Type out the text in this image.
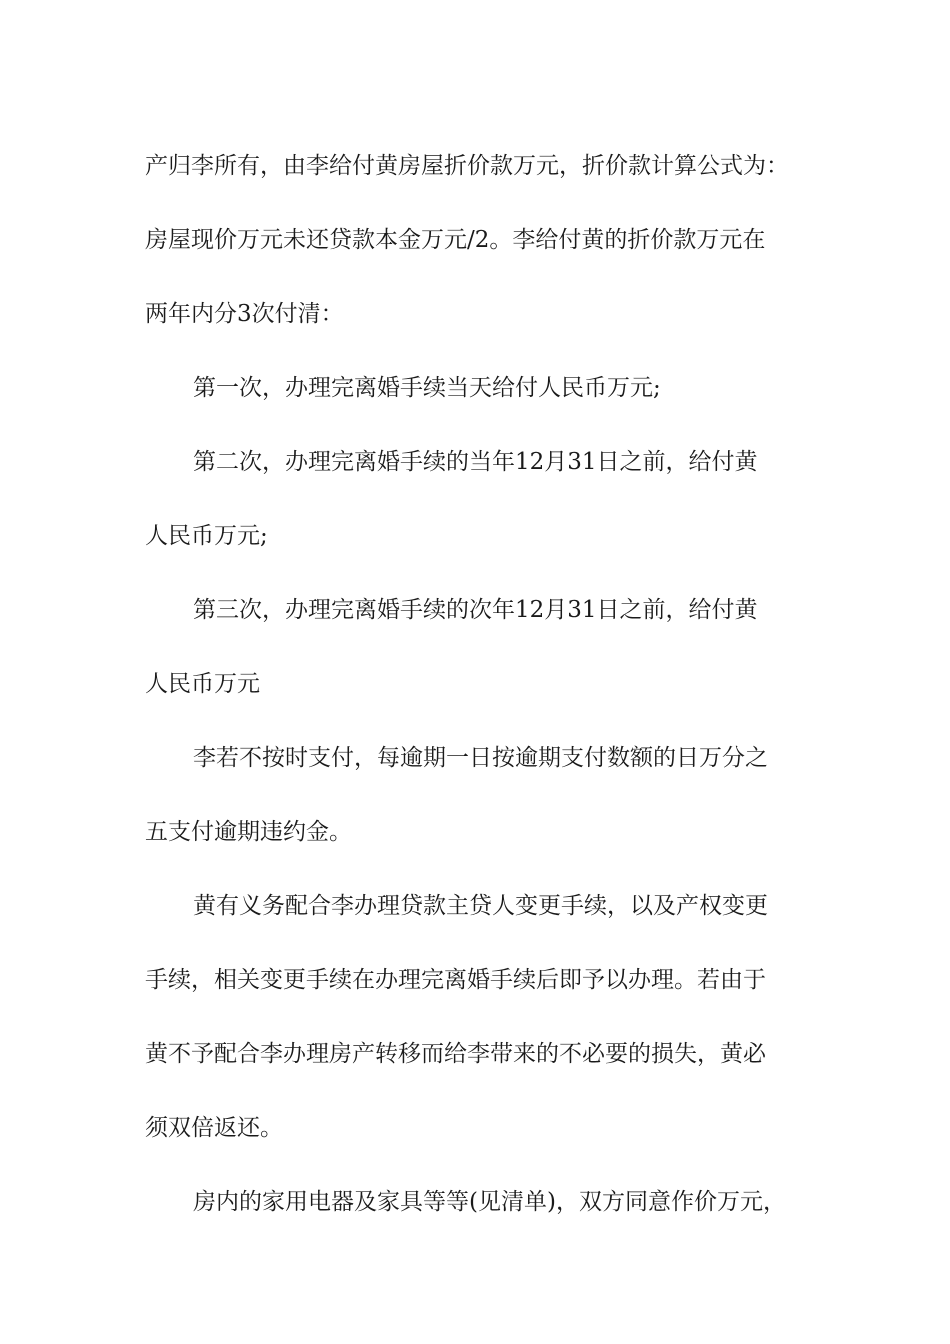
产归李所有，由李给付黄房屋折价款万元，折价款计算公式为：
房屋现价万元未还贷款本金万元/2。李给付黄的折价款万元在
两年内分3次付清：
第一次，办理完离婚手续当天给付人民币万元;
第二次，办理完离婚手续的当年12月31日之前，给付黄
人民币万元;
第三次，办理完离婚手续的次年12月31日之前，给付黄
人民币万元
李若不按时支付，每逾期一日按逾期支付数额的日万分之
五支付逾期违约金。
黄有义务配合李办理贷款主贷人变更手续，以及产权变更
手续，相关变更手续在办理完离婚手续后即予以办理。若由于
黄不予配合李办理房产转移而给李带来的不必要的损失，黄必
须双倍返还。
房内的家用电器及家具等等(见清单)，双方同意作价万元，
